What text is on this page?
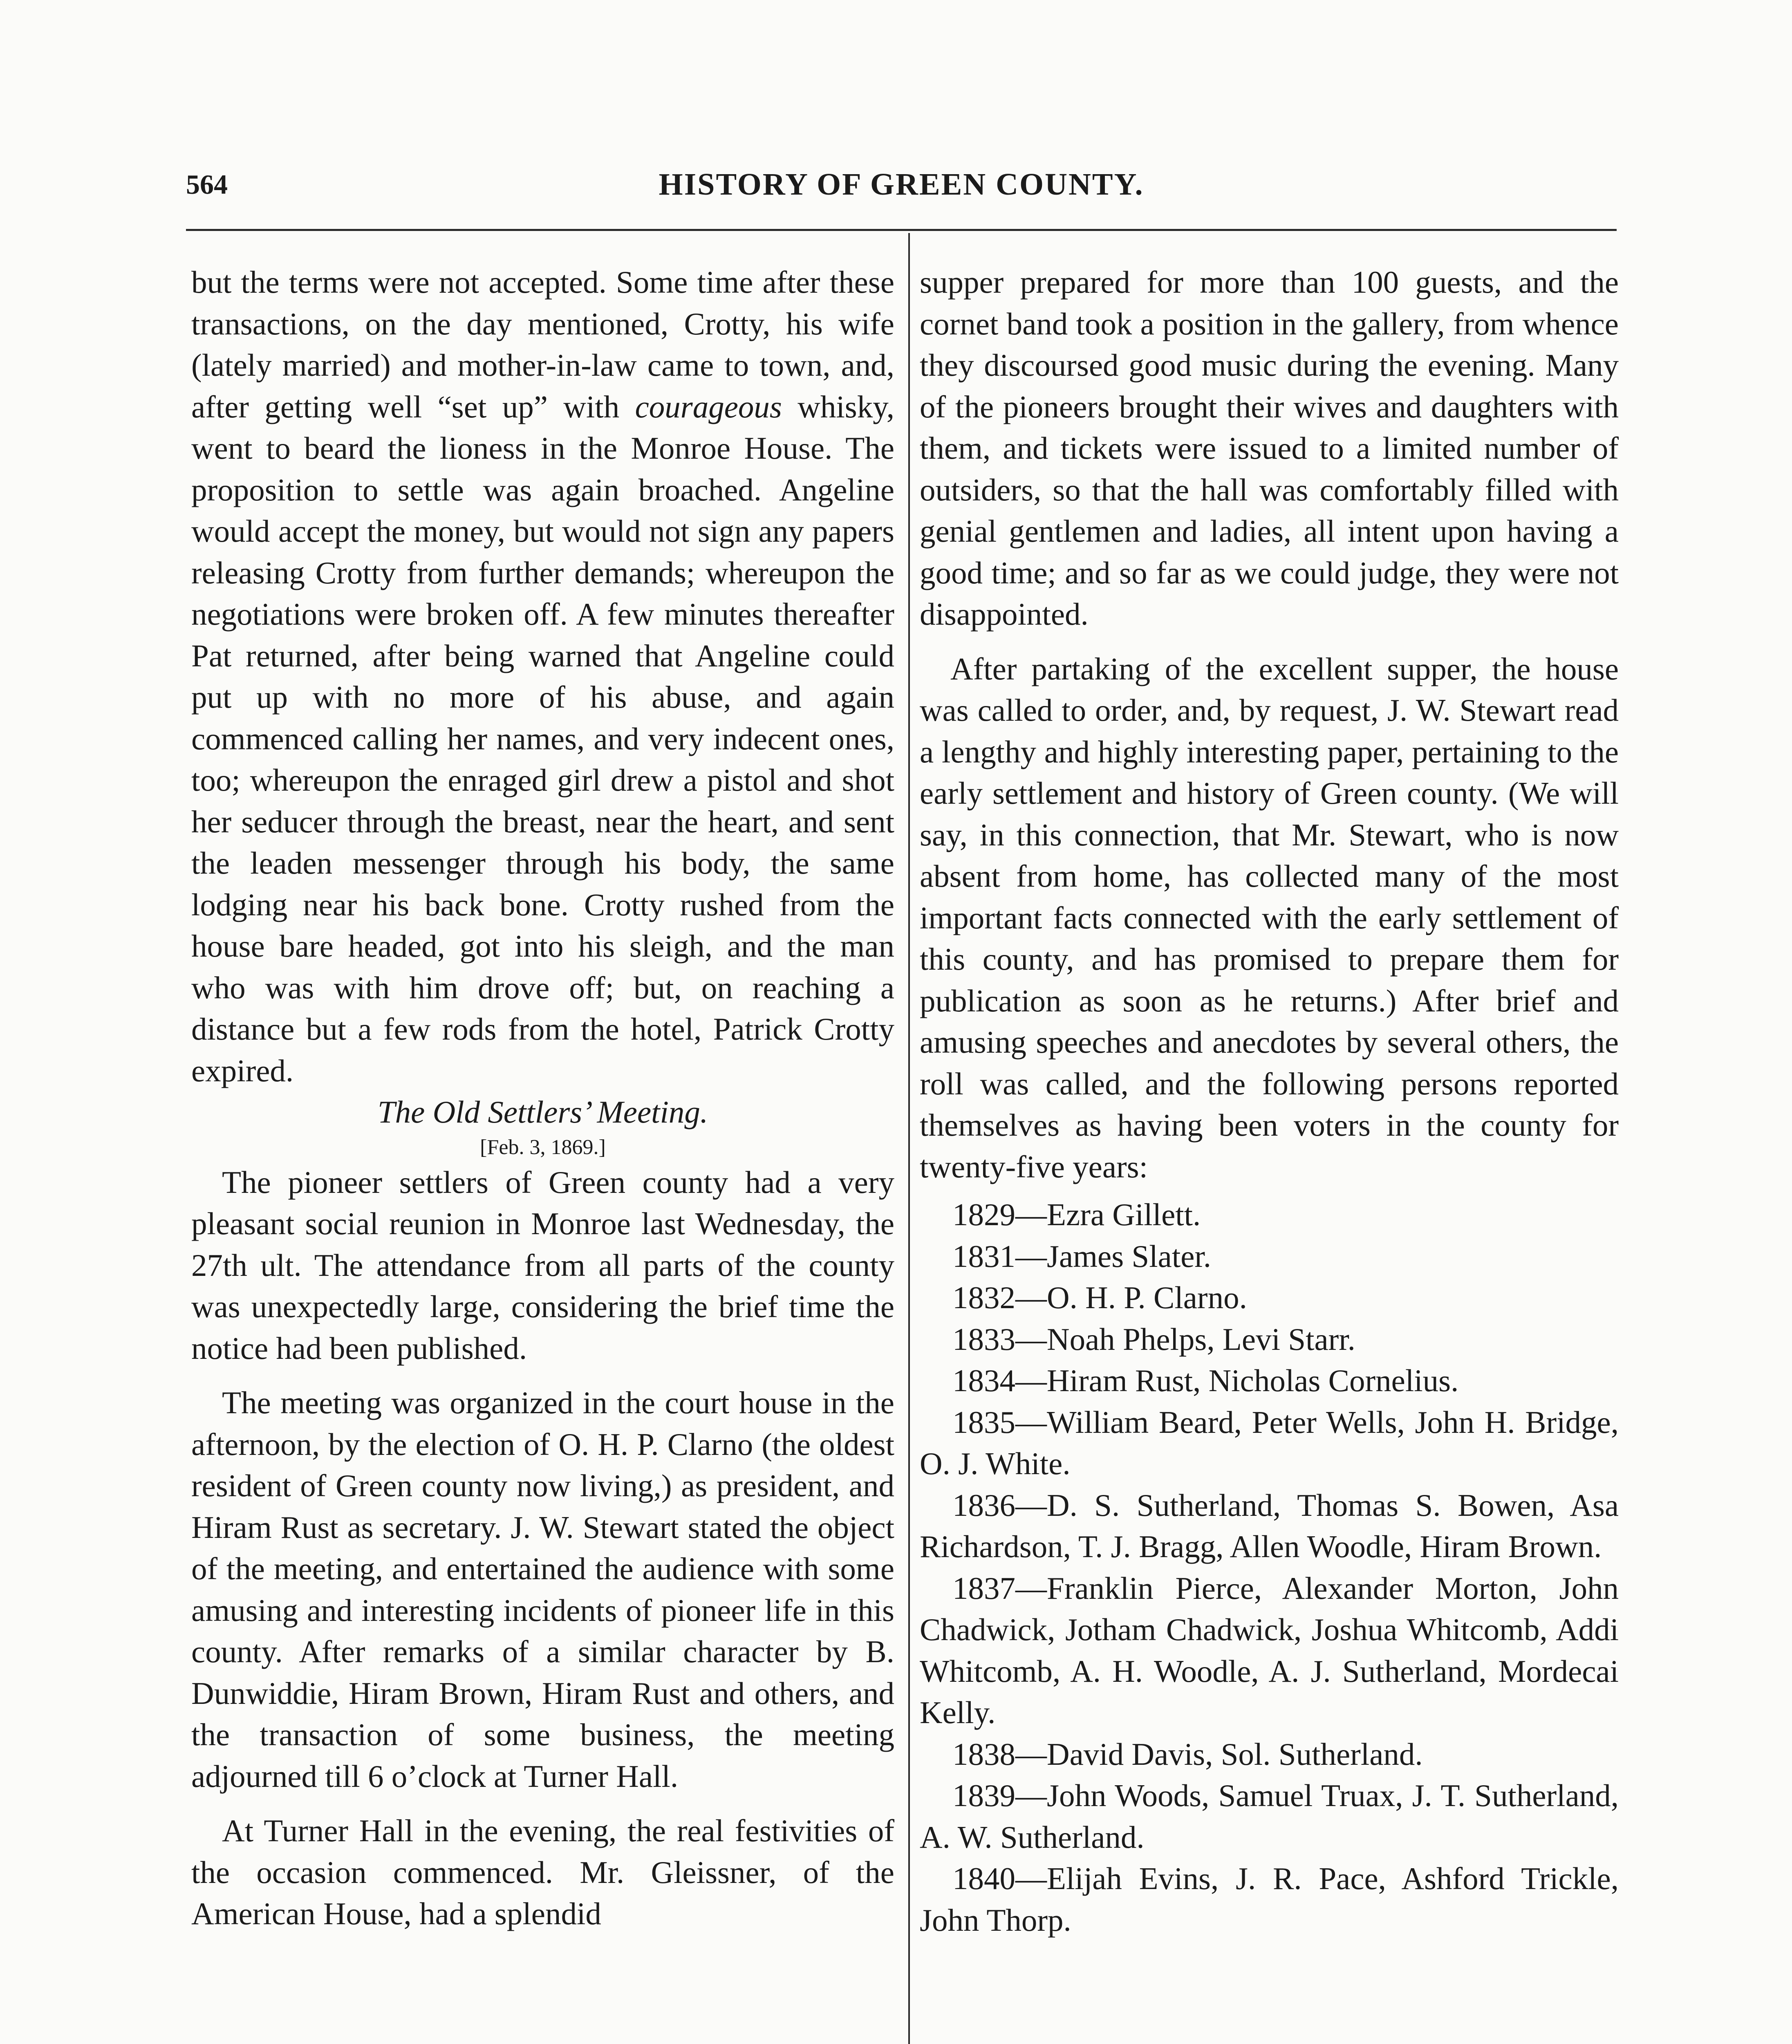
564	HISTORY OF GREEN COUNTY.

but the terms were not accepted. Some time after these transactions, on the day mentioned, Crotty, his wife (lately married) and mother-in-law came to town, and, after getting well “set up” with courageous whisky, went to beard the lioness in the Monroe House. The proposition to settle was again broached. Angeline would accept the money, but would not sign any papers releasing Crotty from further demands; whereupon the negotiations were broken off. A few minutes thereafter Pat returned, after being warned that Angeline could put up with no more of his abuse, and again commenced calling her names, and very indecent ones, too; whereupon the enraged girl drew a pistol and shot her seducer through the breast, near the heart, and sent the leaden messenger through his body, the same lodging near his back bone. Crotty rushed from the house bare headed, got into his sleigh, and the man who was with him drove off; but, on reaching a distance but a few rods from the hotel, Patrick Crotty expired.

The Old Settlers’ Meeting.

[Feb. 3, 1869.]

The pioneer settlers of Green county had a very pleasant social reunion in Monroe last Wednesday, the 27th ult. The attendance from all parts of the county was unexpectedly large, considering the brief time the notice had been published.

The meeting was organized in the court house in the afternoon, by the election of O. H. P. Clarno (the oldest resident of Green county now living,) as president, and Hiram Rust as secretary. J. W. Stewart stated the object of the meeting, and entertained the audience with some amusing and interesting incidents of pioneer life in this county. After remarks of a similar character by B. Dunwiddie, Hiram Brown, Hiram Rust and others, and the transaction of some business, the meeting adjourned till 6 o’clock at Turner Hall.

At Turner Hall in the evening, the real festivities of the occasion commenced. Mr. Gleissner, of the American House, had a splendid

supper prepared for more than 100 guests, and the cornet band took a position in the gallery, from whence they discoursed good music during the evening. Many of the pioneers brought their wives and daughters with them, and tickets were issued to a limited number of outsiders, so that the hall was comfortably filled with genial gentlemen and ladies, all intent upon having a good time; and so far as we could judge, they were not disappointed.

After partaking of the excellent supper, the house was called to order, and, by request, J. W. Stewart read a lengthy and highly interesting paper, pertaining to the early settlement and history of Green county. (We will say, in this connection, that Mr. Stewart, who is now absent from home, has collected many of the most important facts connected with the early settlement of this county, and has promised to prepare them for publication as soon as he returns.) After brief and amusing speeches and anecdotes by several others, the roll was called, and the following persons reported themselves as having been voters in the county for twenty-five years:

1829—Ezra Gillett.

1831—James Slater.

1832—O. H. P. Clarno.

1833—Noah Phelps, Levi Starr.

1834—Hiram Rust, Nicholas Cornelius.

1835—William Beard, Peter Wells, John H. Bridge, O. J. White.

1836—D. S. Sutherland, Thomas S. Bowen, Asa Richardson, T. J. Bragg, Allen Woodle, Hiram Brown.

1837—Franklin Pierce, Alexander Morton, John Chadwick, Jotham Chadwick, Joshua Whitcomb, Addi Whitcomb, A. H. Woodle, A. J. Sutherland, Mordecai Kelly.

1838—David Davis, Sol. Sutherland.

1839—John Woods, Samuel Truax, J. T. Sutherland, A. W. Sutherland.

1840—Elijah Evins, J. R. Pace, Ashford Trickle, John Thorp.
